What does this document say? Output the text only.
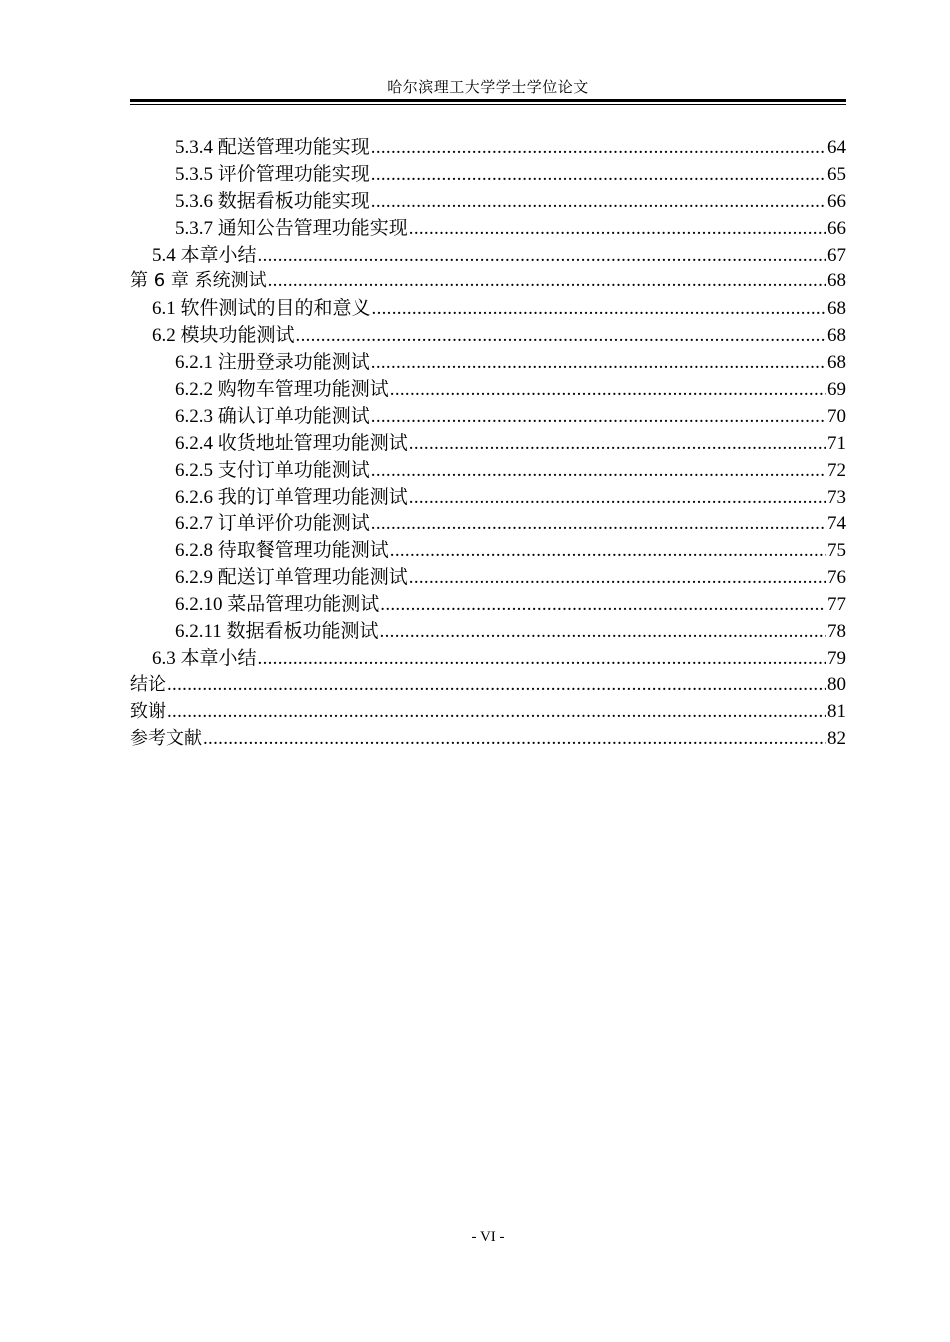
哈尔滨理工大学学士学位论文
5.3.4 配送管理功能实现 .....	64
5.3.5 评价管理功能实现 .....	65
5.3.6 数据看板功能实现 .....	66
5.3.7 通知公告管理功能实现 .....	66
5.4 本章小结 .....	67
第 6 章 系统测试 .....	68
6.1 软件测试的目的和意义 .....	68
6.2 模块功能测试 .....	68
6.2.1 注册登录功能测试 .....	68
6.2.2 购物车管理功能测试 .....	69
6.2.3 确认订单功能测试 .....	70
6.2.4 收货地址管理功能测试 .....	71
6.2.5 支付订单功能测试 .....	72
6.2.6 我的订单管理功能测试 .....	73
6.2.7 订单评价功能测试 .....	74
6.2.8 待取餐管理功能测试 .....	75
6.2.9 配送订单管理功能测试 .....	76
6.2.10 菜品管理功能测试 .....	77
6.2.11 数据看板功能测试 .....	78
6.3 本章小结 .....	79
结论 .....	80
致谢 .....	81
参考文献 .....	82
- VI -
